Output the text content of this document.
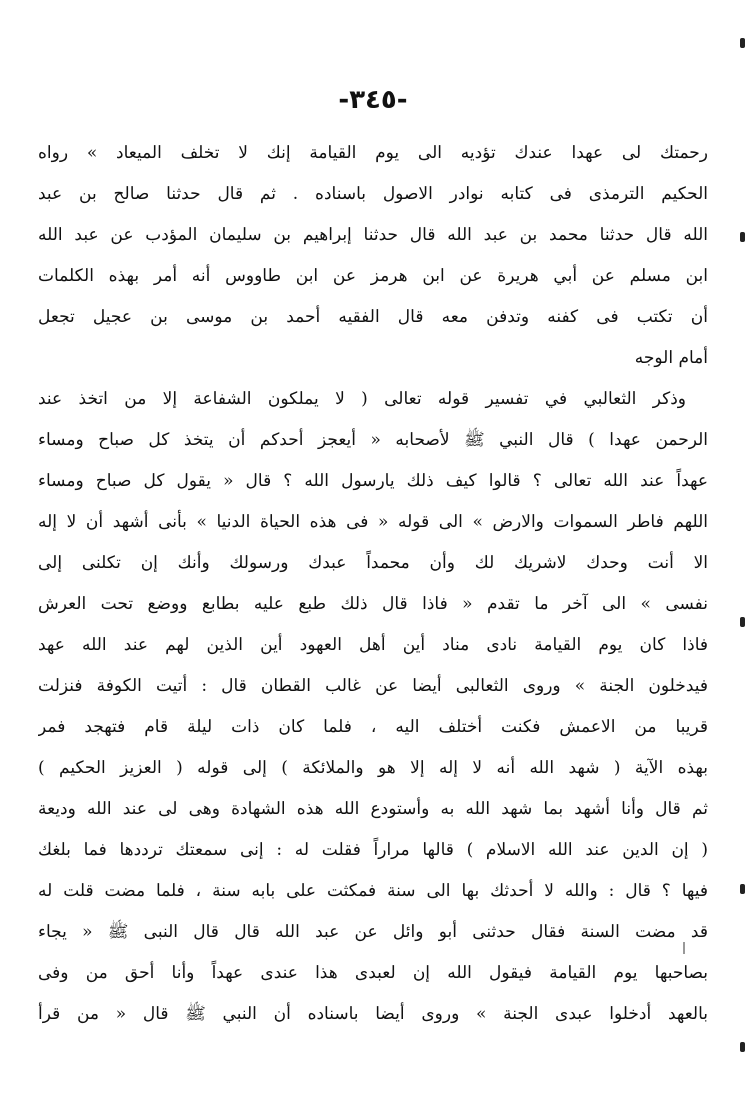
-٣٤٥-
رحمتك لى عهدا عندك تؤديه الى يوم القيامة إنك لا تخلف الميعاد » رواه
الحكيم الترمذى فى كتابه نوادر الاصول باسناده . ثم قال حدثنا صالح بن عبد
الله قال حدثنا محمد بن عبد الله قال حدثنا إبراهيم بن سليمان المؤدب عن عبد الله
ابن مسلم عن أبي هريرة عن ابن هرمز عن ابن طاووس أنه أمر بهذه الكلمات
أن تكتب فى كفنه وتدفن معه قال الفقيه أحمد بن موسى بن عجيل تجعل
أمام الوجه
وذكر الثعالبي في تفسير قوله تعالى ( لا يملكون الشفاعة إلا من اتخذ عند
الرحمن عهدا ) قال النبي ﷺ لأصحابه « أيعجز أحدكم أن يتخذ كل صباح ومساء
عهداً عند الله تعالى ؟ قالوا كيف ذلك يارسول الله ؟ قال « يقول كل صباح ومساء
اللهم فاطر السموات والارض » الى قوله « فى هذه الحياة الدنيا » بأنى أشهد أن لا إله
الا أنت وحدك لاشريك لك وأن محمداً عبدك ورسولك وأنك إن تكلنى إلى
نفسى » الى آخر ما تقدم « فاذا قال ذلك طبع عليه بطابع ووضع تحت العرش
فاذا كان يوم القيامة نادى مناد أين أهل العهود أين الذين لهم عند الله عهد
فيدخلون الجنة » وروى الثعالبى أيضا عن غالب القطان قال : أتيت الكوفة فنزلت
قريبا من الاعمش فكنت أختلف اليه ، فلما كان ذات ليلة قام فتهجد فمر
بهذه الآية ( شهد الله أنه لا إله إلا هو والملائكة ) إلى قوله ( العزيز الحكيم )
ثم قال وأنا أشهد بما شهد الله به وأستودع الله هذه الشهادة وهى لى عند الله وديعة
( إن الدين عند الله الاسلام ) قالها مراراً فقلت له : إنى سمعتك ترددها فما بلغك
فيها ؟ قال : والله لا أحدثك بها الى سنة فمكثت على بابه سنة ، فلما مضت قلت له
قد مضت السنة فقال حدثنى أبو وائل عن عبد الله قال قال النبى ﷺ « يجاء
بصاحبها يوم القيامة فيقول الله إن لعبدى هذا عندى عهداً وأنا أحق من وفى
بالعهد أدخلوا عبدى الجنة » وروى أيضا باسناده أن النبي ﷺ قال « من قرأ
